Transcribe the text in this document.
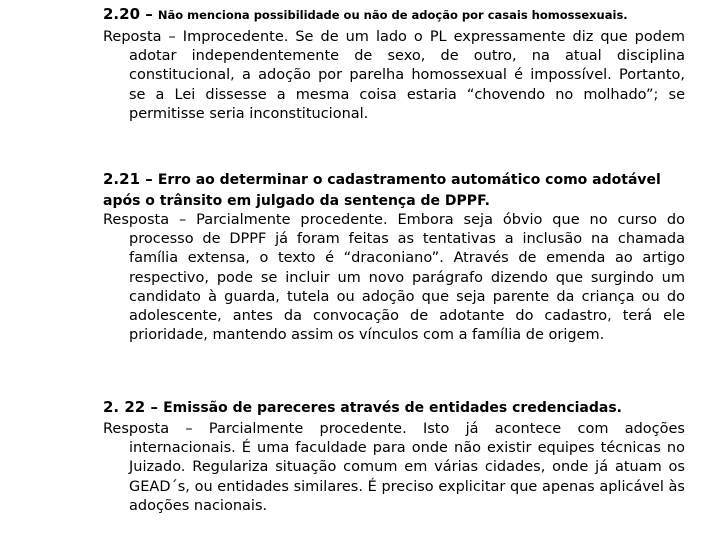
2.20 – Não menciona possibilidade ou não de adoção por casais homossexuais.

Reposta – Improcedente. Se de um lado o PL expressamente diz que podem adotar independentemente de sexo, de outro, na atual disciplina constitucional, a adoção por parelha homossexual é impossível. Portanto, se a Lei dissesse a mesma coisa estaria “chovendo no molhado”; se permitisse seria inconstitucional.

2.21 – Erro ao determinar o cadastramento automático como adotável após o trânsito em julgado da sentença de DPPF.

Resposta – Parcialmente procedente. Embora seja óbvio que no curso do processo de DPPF já foram feitas as tentativas a inclusão na chamada família extensa, o texto é “draconiano”. Através de emenda ao artigo respectivo, pode se incluir um novo parágrafo dizendo que surgindo um candidato à guarda, tutela ou adoção que seja parente da criança ou do adolescente, antes da convocação de adotante do cadastro, terá ele prioridade, mantendo assim os vínculos com a família de origem.

2. 22 – Emissão de pareceres através de entidades credenciadas.

Resposta – Parcialmente procedente. Isto já acontece com adoções internacionais. É uma faculdade para onde não existir equipes técnicas no Juizado. Regulariza situação comum em várias cidades, onde já atuam os GEAD´s, ou entidades similares. É preciso explicitar que apenas aplicável às adoções nacionais.
